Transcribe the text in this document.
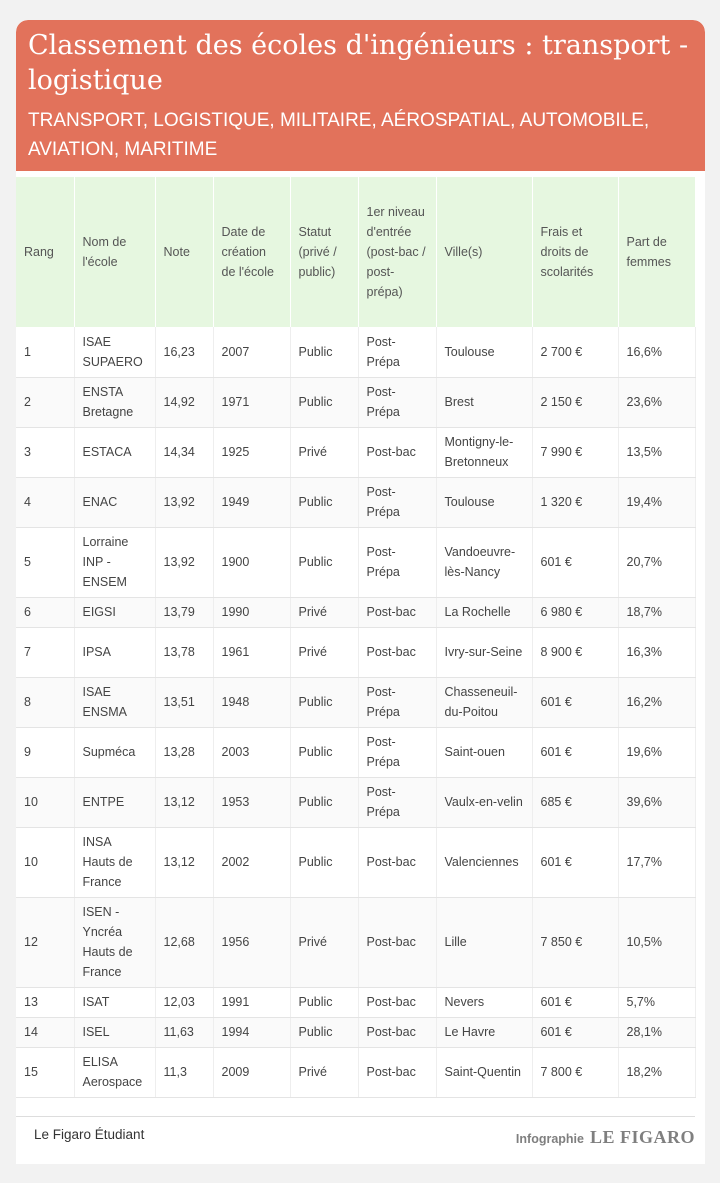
Classement des écoles d'ingénieurs : transport - logistique
TRANSPORT, LOGISTIQUE, MILITAIRE, AÉROSPATIAL, AUTOMOBILE, AVIATION, MARITIME
Rang	Nom de l'école	Note	Date de création de l'école	Statut (privé / public)	1er niveau d'entrée (post-bac / post-prépa)	Ville(s)	Frais et droits de scolarités	Part de femmes
1	ISAE SUPAERO	16,23	2007	Public	Post-Prépa	Toulouse	2 700 €	16,6%
2	ENSTA Bretagne	14,92	1971	Public	Post-Prépa	Brest	2 150 €	23,6%
3	ESTACA	14,34	1925	Privé	Post-bac	Montigny-le-Bretonneux	7 990 €	13,5%
4	ENAC	13,92	1949	Public	Post-Prépa	Toulouse	1 320 €	19,4%
5	Lorraine INP - ENSEM	13,92	1900	Public	Post-Prépa	Vandoeuvre-lès-Nancy	601 €	20,7%
6	EIGSI	13,79	1990	Privé	Post-bac	La Rochelle	6 980 €	18,7%
7	IPSA	13,78	1961	Privé	Post-bac	Ivry-sur-Seine	8 900 €	16,3%
8	ISAE ENSMA	13,51	1948	Public	Post-Prépa	Chasseneuil-du-Poitou	601 €	16,2%
9	Supméca	13,28	2003	Public	Post-Prépa	Saint-ouen	601 €	19,6%
10	ENTPE	13,12	1953	Public	Post-Prépa	Vaulx-en-velin	685 €	39,6%
10	INSA Hauts de France	13,12	2002	Public	Post-bac	Valenciennes	601 €	17,7%
12	ISEN - Yncréa Hauts de France	12,68	1956	Privé	Post-bac	Lille	7 850 €	10,5%
13	ISAT	12,03	1991	Public	Post-bac	Nevers	601 €	5,7%
14	ISEL	11,63	1994	Public	Post-bac	Le Havre	601 €	28,1%
15	ELISA Aerospace	11,3	2009	Privé	Post-bac	Saint-Quentin	7 800 €	18,2%
Le Figaro Étudiant	Infographie LE FIGARO
